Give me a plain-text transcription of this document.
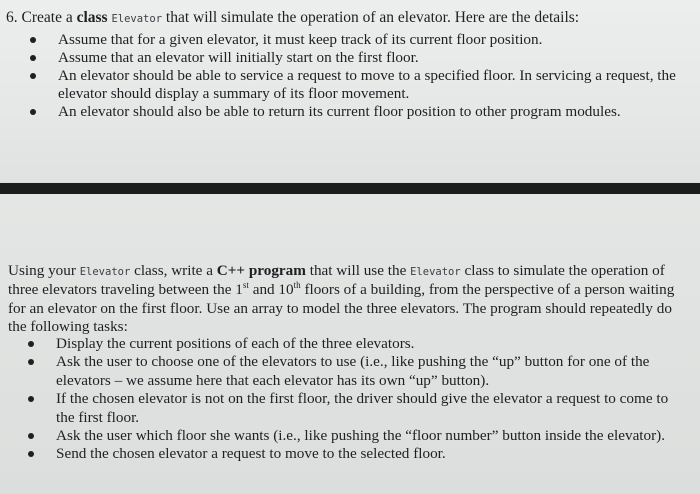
6. Create a class Elevator that will simulate the operation of an elevator. Here are the details:

Assume that for a given elevator, it must keep track of its current floor position.
Assume that an elevator will initially start on the first floor.
An elevator should be able to service a request to move to a specified floor. In servicing a request, the elevator should display a summary of its floor movement.
An elevator should also be able to return its current floor position to other program modules.

Using your Elevator class, write a C++ program that will use the Elevator class to simulate the operation of three elevators traveling between the 1st and 10th floors of a building, from the perspective of a person waiting for an elevator on the first floor. Use an array to model the three elevators. The program should repeatedly do the following tasks:

Display the current positions of each of the three elevators.
Ask the user to choose one of the elevators to use (i.e., like pushing the “up” button for one of the elevators – we assume here that each elevator has its own “up” button).
If the chosen elevator is not on the first floor, the driver should give the elevator a request to come to the first floor.
Ask the user which floor she wants (i.e., like pushing the “floor number” button inside the elevator).
Send the chosen elevator a request to move to the selected floor.
